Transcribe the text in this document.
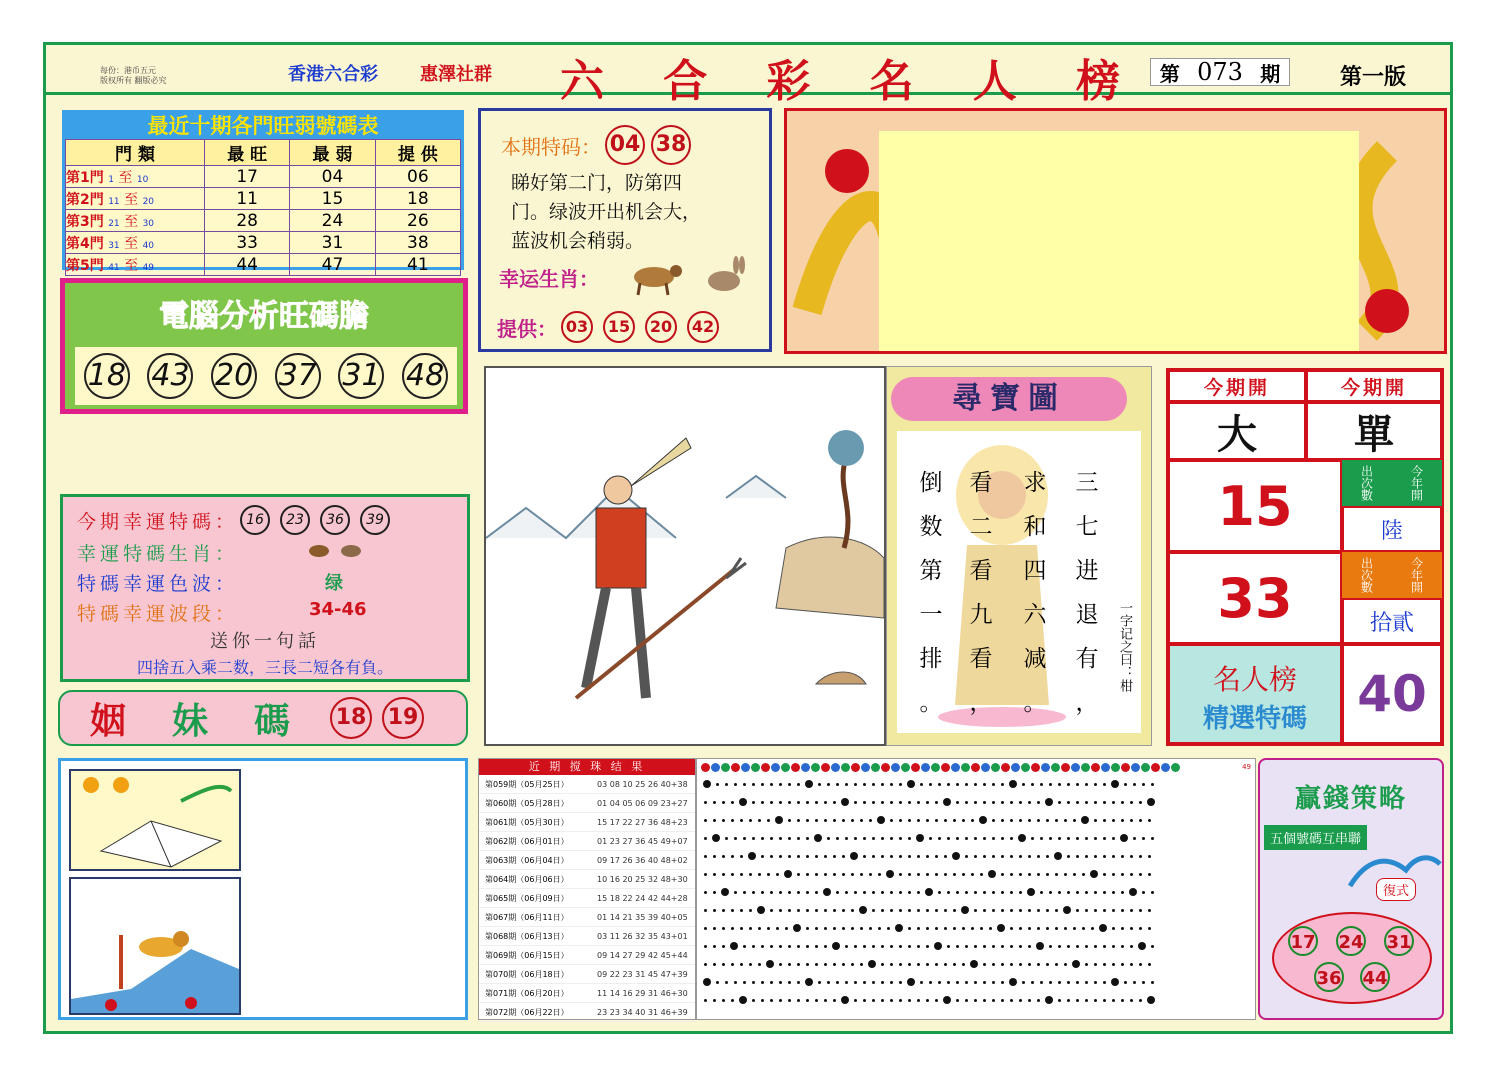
每份：港币五元
版权所有 翻版必究	香港六合彩 惠澤社群 六 合 彩 名 人 榜 第 073 期	第一版
最近十期各門旺弱號碼表
門 類	最 旺	最 弱	提 供
第1門 1 至 10	17	04	06
第2門 11 至 20	11	15	18
第3門 21 至 30	28	24	26
第4門 31 至 40	33	31	38
第5門 41 至 49	44	47	41
電腦分析旺碼膽
18 43 20 37 31 48
本期特码： 04 38
睇好第二门，防第四
门。绿波开出机会大，
蓝波机会稍弱。
幸运生肖：
提供： 03	15	20	42
今期幸運特碼 ： 16	23	36	39
幸運特碼生肖：
特碼幸運色波：	绿
特碼幸運波段：	34-46
送你一句話
四捨五入乘二数，三長二短各有負。
姻 妹 碼 18 19
尋寶圖
三
七
进
退
有
，
求
和
四
六
减
。
看
二
看
九
看
，
倒
数
第
一
排
。
一字记之曰：柑
今期開	今期開
大	單
15	出次數	今年開
陸
33	出次數	今年開
拾貳
名人榜
精選特碼	40
近 期 搅 珠 结 果
第059期（05月25日）	03 08 10 25 26 40+38
第060期（05月28日）	01 04 05 06 09 23+27
第061期（05月30日）	15 17 22 27 36 48+23
第062期（06月01日）	01 23 27 36 45 49+07
第063期（06月04日）	09 17 26 36 40 48+02
第064期（06月06日）	10 16 20 25 32 48+30
第065期（06月09日）	15 18 22 24 42 44+28
第067期（06月11日）	01 14 21 35 39 40+05
第068期（06月13日）	03 11 26 32 35 43+01
第069期（06月15日）	09 14 27 29 42 45+44
第070期（06月18日）	09 22 23 31 45 47+39
第071期（06月20日）	11 14 16 29 31 46+30
第072期（06月22日）	23 23 34 40 31 46+39
49
贏錢策略
五個號碼互串聯
復式
17 24 31
36 44
